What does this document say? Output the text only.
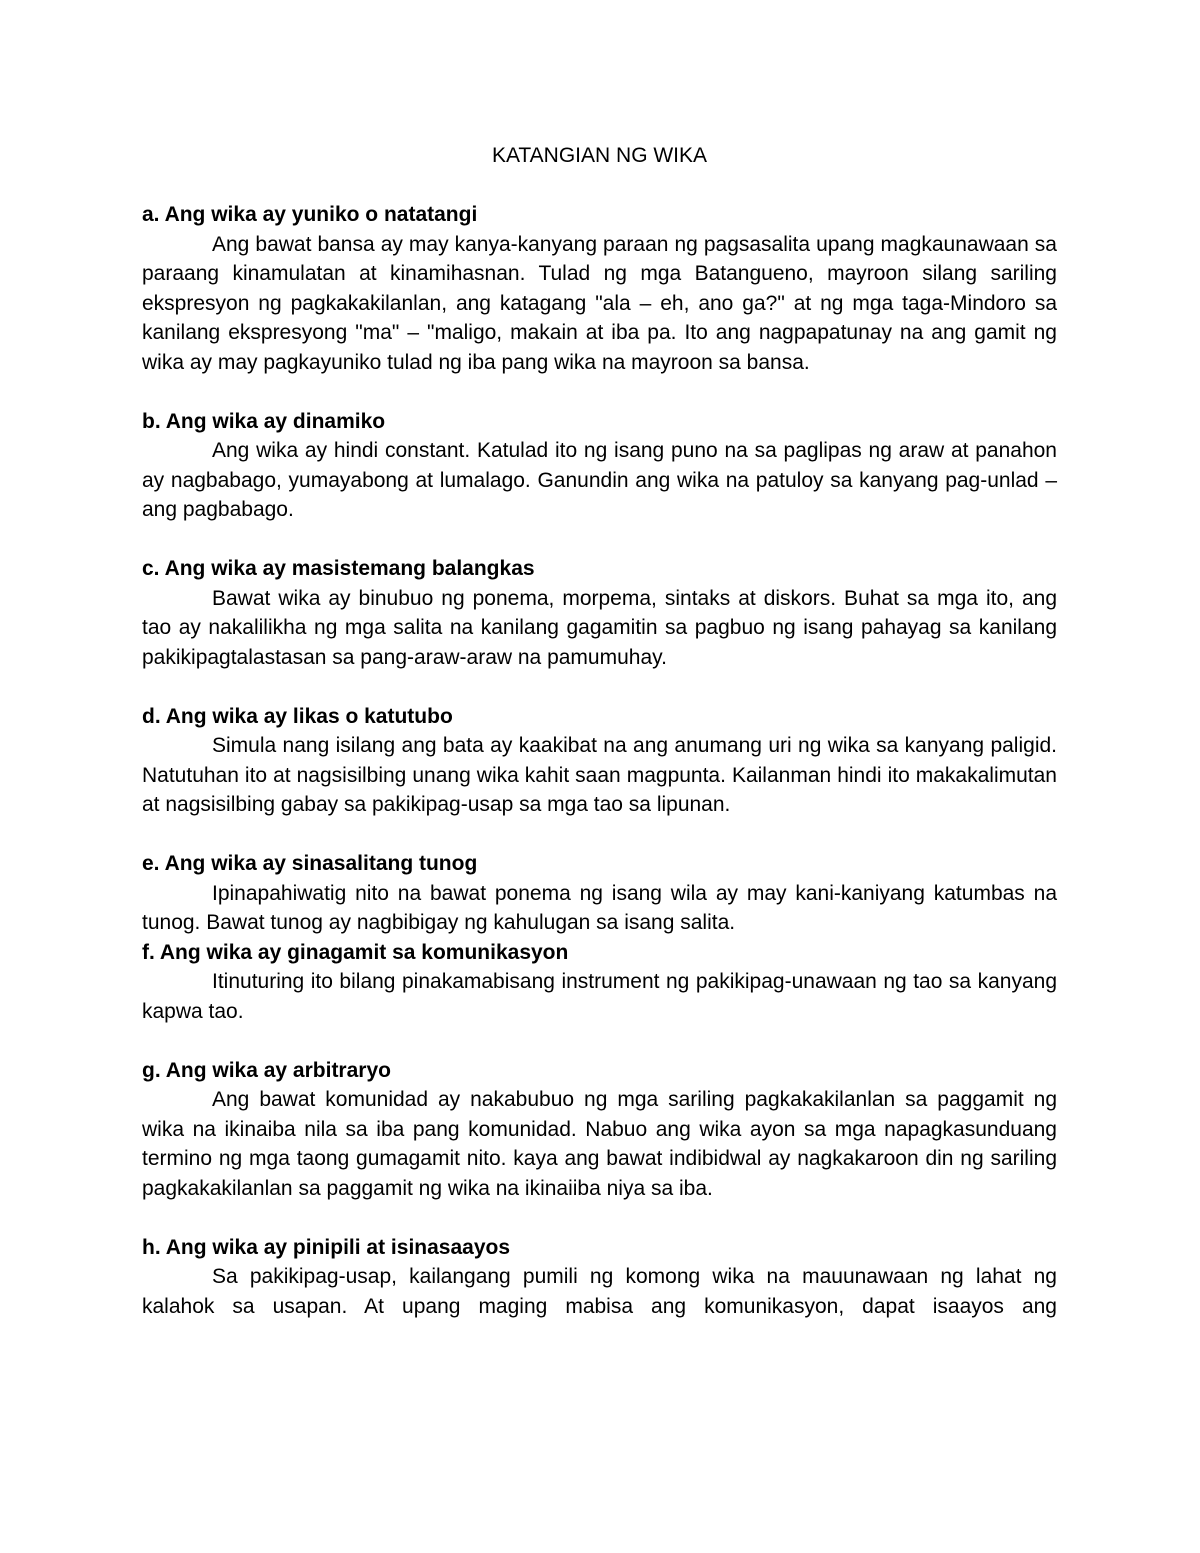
KATANGIAN NG WIKA

a. Ang wika ay yuniko o natatangi

Ang bawat bansa ay may kanya-kanyang paraan ng pagsasalita upang magkaunawaan sa paraang kinamulatan at kinamihasnan. Tulad ng mga Batangueno, mayroon silang sariling ekspresyon ng pagkakakilanlan, ang katagang "ala – eh, ano ga?" at ng mga taga-Mindoro sa kanilang ekspresyong "ma" – "maligo, makain at iba pa. Ito ang nagpapatunay na ang gamit ng wika ay may pagkayuniko tulad ng iba pang wika na mayroon sa bansa.

b. Ang wika ay dinamiko

Ang wika ay hindi constant. Katulad ito ng isang puno na sa paglipas ng araw at panahon ay nagbabago, yumayabong at lumalago. Ganundin ang wika na patuloy sa kanyang pag-unlad – ang pagbabago.

c. Ang wika ay masistemang balangkas

Bawat wika ay binubuo ng ponema, morpema, sintaks at diskors. Buhat sa mga ito, ang tao ay nakalilikha ng mga salita na kanilang gagamitin sa pagbuo ng isang pahayag sa kanilang pakikipagtalastasan sa pang-araw-araw na pamumuhay.

d. Ang wika ay likas o katutubo

Simula nang isilang ang bata ay kaakibat na ang anumang uri ng wika sa kanyang paligid. Natutuhan ito at nagsisilbing unang wika kahit saan magpunta. Kailanman hindi ito makakalimutan at nagsisilbing gabay sa pakikipag-usap sa mga tao sa lipunan.

e. Ang wika ay sinasalitang tunog

Ipinapahiwatig nito na bawat ponema ng isang wila ay may kani-kaniyang katumbas na tunog. Bawat tunog ay nagbibigay ng kahulugan sa isang salita.

f. Ang wika ay ginagamit sa komunikasyon

Itinuturing ito bilang pinakamabisang instrument ng pakikipag-unawaan ng tao sa kanyang kapwa tao.

g. Ang wika ay arbitraryo

Ang bawat komunidad ay nakabubuo ng mga sariling pagkakakilanlan sa paggamit ng wika na ikinaiba nila sa iba pang komunidad. Nabuo ang wika ayon sa mga napagkasunduang termino ng mga taong gumagamit nito. kaya ang bawat indibidwal ay nagkakaroon din ng sariling pagkakakilanlan sa paggamit ng wika na ikinaiiba niya sa iba.

h. Ang wika ay pinipili at isinasaayos

Sa pakikipag-usap, kailangang pumili ng komong wika na mauunawaan ng lahat ng kalahok sa usapan. At upang maging mabisa ang komunikasyon, dapat isaayos ang
